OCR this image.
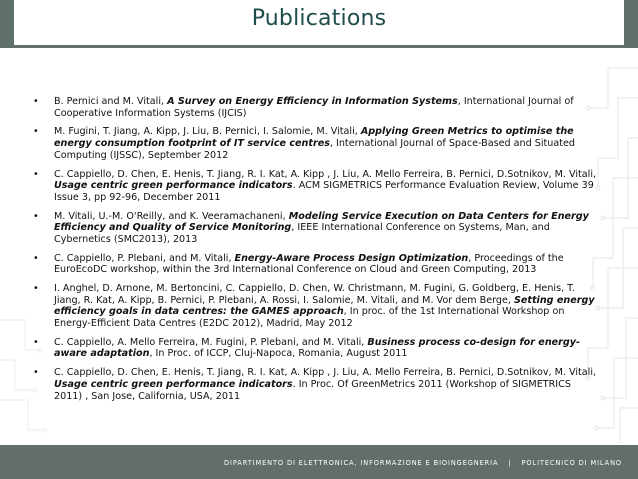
Publications
• B. Pernici and M. Vitali, A Survey on Energy Efficiency in Information Systems, International Journal of Cooperative Information Systems (IJCIS)
• M. Fugini, T. Jiang, A. Kipp, J. Liu, B. Pernici, I. Salomie, M. Vitali, Applying Green Metrics to optimise the energy consumption footprint of IT service centres, International Journal of Space-Based and Situated Computing (IJSSC), September 2012
• C. Cappiello, D. Chen, E. Henis, T. Jiang, R. I. Kat, A. Kipp , J. Liu, A. Mello Ferreira, B. Pernici, D.Sotnikov, M. Vitali, Usage centric green performance indicators. ACM SIGMETRICS Performance Evaluation Review, Volume 39 Issue 3, pp 92-96, December 2011
• M. Vitali, U.-M. O'Reilly, and K. Veeramachaneni, Modeling Service Execution on Data Centers for Energy Efficiency and Quality of Service Monitoring, IEEE International Conference on Systems, Man, and Cybernetics (SMC2013), 2013
• C. Cappiello, P. Plebani, and M. Vitali, Energy-Aware Process Design Optimization, Proceedings of the EuroEcoDC workshop, within the 3rd International Conference on Cloud and Green Computing, 2013
• I. Anghel, D. Arnone, M. Bertoncini, C. Cappiello, D. Chen, W. Christmann, M. Fugini, G. Goldberg, E. Henis, T. Jiang, R. Kat, A. Kipp, B. Pernici, P. Plebani, A. Rossi, I. Salomie, M. Vitali, and M. Vor dem Berge, Setting energy efficiency goals in data centres: the GAMES approach, In proc. of the 1st International Workshop on Energy-Efficient Data Centres (E2DC 2012), Madrid, May 2012
• C. Cappiello, A. Mello Ferreira, M. Fugini, P. Plebani, and M. Vitali, Business process co-design for energy-aware adaptation, In Proc. of ICCP, Cluj-Napoca, Romania, August 2011
• C. Cappiello, D. Chen, E. Henis, T. Jiang, R. I. Kat, A. Kipp , J. Liu, A. Mello Ferreira, B. Pernici, D.Sotnikov, M. Vitali, Usage centric green performance indicators. In Proc. Of GreenMetrics 2011 (Workshop of SIGMETRICS 2011) , San Jose, California, USA, 2011
DIPARTIMENTO DI ELETTRONICA, INFORMAZIONE E BIOINGEGNERIA | POLITECNICO DI MILANO
